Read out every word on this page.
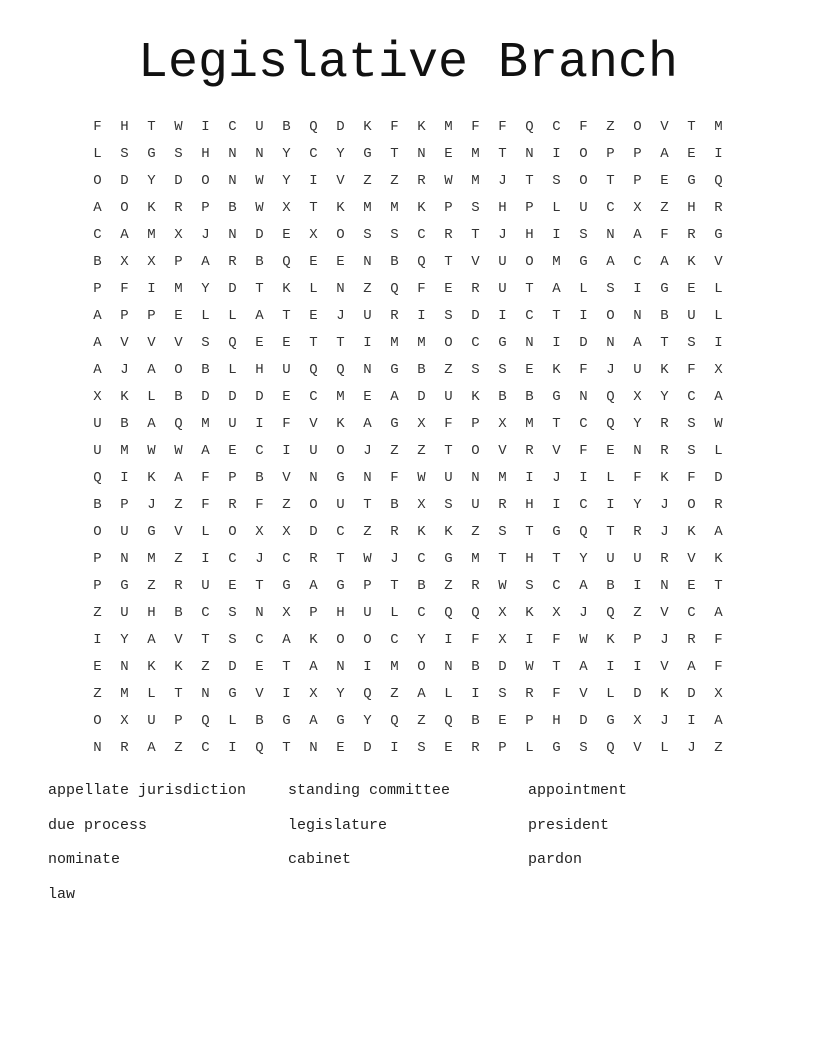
Legislative Branch
F	H	T	W	I	C	U	B	Q	D	K	F	K	M	F	F	Q	C	F	Z	O	V	T	M
L	S	G	S	H	N	N	Y	C	Y	G	T	N	E	M	T	N	I	O	P	P	A	E	I
O	D	Y	D	O	N	W	Y	I	V	Z	Z	R	W	M	J	T	S	O	T	P	E	G	Q
A	O	K	R	P	B	W	X	T	K	M	M	K	P	S	H	P	L	U	C	X	Z	H	R
C	A	M	X	J	N	D	E	X	O	S	S	C	R	T	J	H	I	S	N	A	F	R	G
B	X	X	P	A	R	B	Q	E	E	N	B	Q	T	V	U	O	M	G	A	C	A	K	V
P	F	I	M	Y	D	T	K	L	N	Z	Q	F	E	R	U	T	A	L	S	I	G	E	L
A	P	P	E	L	L	A	T	E	J	U	R	I	S	D	I	C	T	I	O	N	B	U	L
A	V	V	V	S	Q	E	E	T	T	I	M	M	O	C	G	N	I	D	N	A	T	S	I
A	J	A	O	B	L	H	U	Q	Q	N	G	B	Z	S	S	E	K	F	J	U	K	F	X
X	K	L	B	D	D	D	E	C	M	E	A	D	U	K	B	B	G	N	Q	X	Y	C	A
U	B	A	Q	M	U	I	F	V	K	A	G	X	F	P	X	M	T	C	Q	Y	R	S	W
U	M	W	W	A	E	C	I	U	O	J	Z	Z	T	O	V	R	V	F	E	N	R	S	L
Q	I	K	A	F	P	B	V	N	G	N	F	W	U	N	M	I	J	I	L	F	K	F	D
B	P	J	Z	F	R	F	Z	O	U	T	B	X	S	U	R	H	I	C	I	Y	J	O	R
O	U	G	V	L	O	X	X	D	C	Z	R	K	K	Z	S	T	G	Q	T	R	J	K	A
P	N	M	Z	I	C	J	C	R	T	W	J	C	G	M	T	H	T	Y	U	U	R	V	K
P	G	Z	R	U	E	T	G	A	G	P	T	B	Z	R	W	S	C	A	B	I	N	E	T
Z	U	H	B	C	S	N	X	P	H	U	L	C	Q	Q	X	K	X	J	Q	Z	V	C	A
I	Y	A	V	T	S	C	A	K	O	O	C	Y	I	F	X	I	F	W	K	P	J	R	F
E	N	K	K	Z	D	E	T	A	N	I	M	O	N	B	D	W	T	A	I	I	V	A	F
Z	M	L	T	N	G	V	I	X	Y	Q	Z	A	L	I	S	R	F	V	L	D	K	D	X
O	X	U	P	Q	L	B	G	A	G	Y	Q	Z	Q	B	E	P	H	D	G	X	J	I	A
N	R	A	Z	C	I	Q	T	N	E	D	I	S	E	R	P	L	G	S	Q	V	L	J	Z
appellate jurisdiction	standing committee	appointment
due process	legislature	president
nominate	cabinet	pardon
law
